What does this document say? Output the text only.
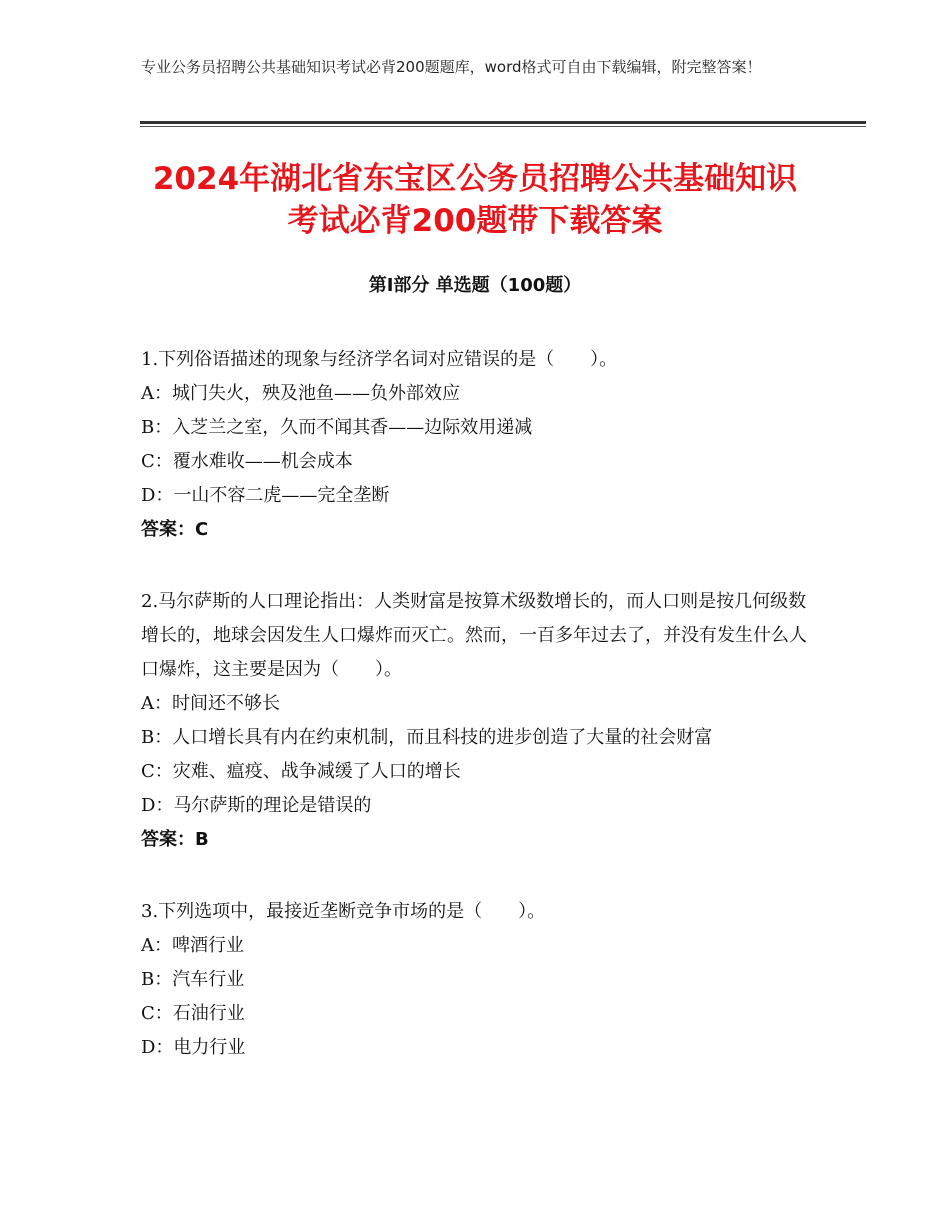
专业公务员招聘公共基础知识考试必背200题题库，word格式可自由下载编辑，附完整答案！
2024年湖北省东宝区公务员招聘公共基础知识考试必背200题带下载答案
第Ⅰ部分 单选题（100题）

1.下列俗语描述的现象与经济学名词对应错误的是（　　）。

A：城门失火，殃及池鱼——负外部效应

B：入芝兰之室，久而不闻其香——边际效用递减

C：覆水难收——机会成本

D：一山不容二虎——完全垄断

答案：C

2.马尔萨斯的人口理论指出：人类财富是按算术级数增长的，而人口则是按几何级数增长的，地球会因发生人口爆炸而灭亡。然而，一百多年过去了，并没有发生什么人口爆炸，这主要是因为（　　）。

A：时间还不够长

B：人口增长具有内在约束机制，而且科技的进步创造了大量的社会财富

C：灾难、瘟疫、战争减缓了人口的增长

D：马尔萨斯的理论是错误的

答案：B

3.下列选项中，最接近垄断竞争市场的是（　　）。

A：啤酒行业

B：汽车行业

C：石油行业

D：电力行业
